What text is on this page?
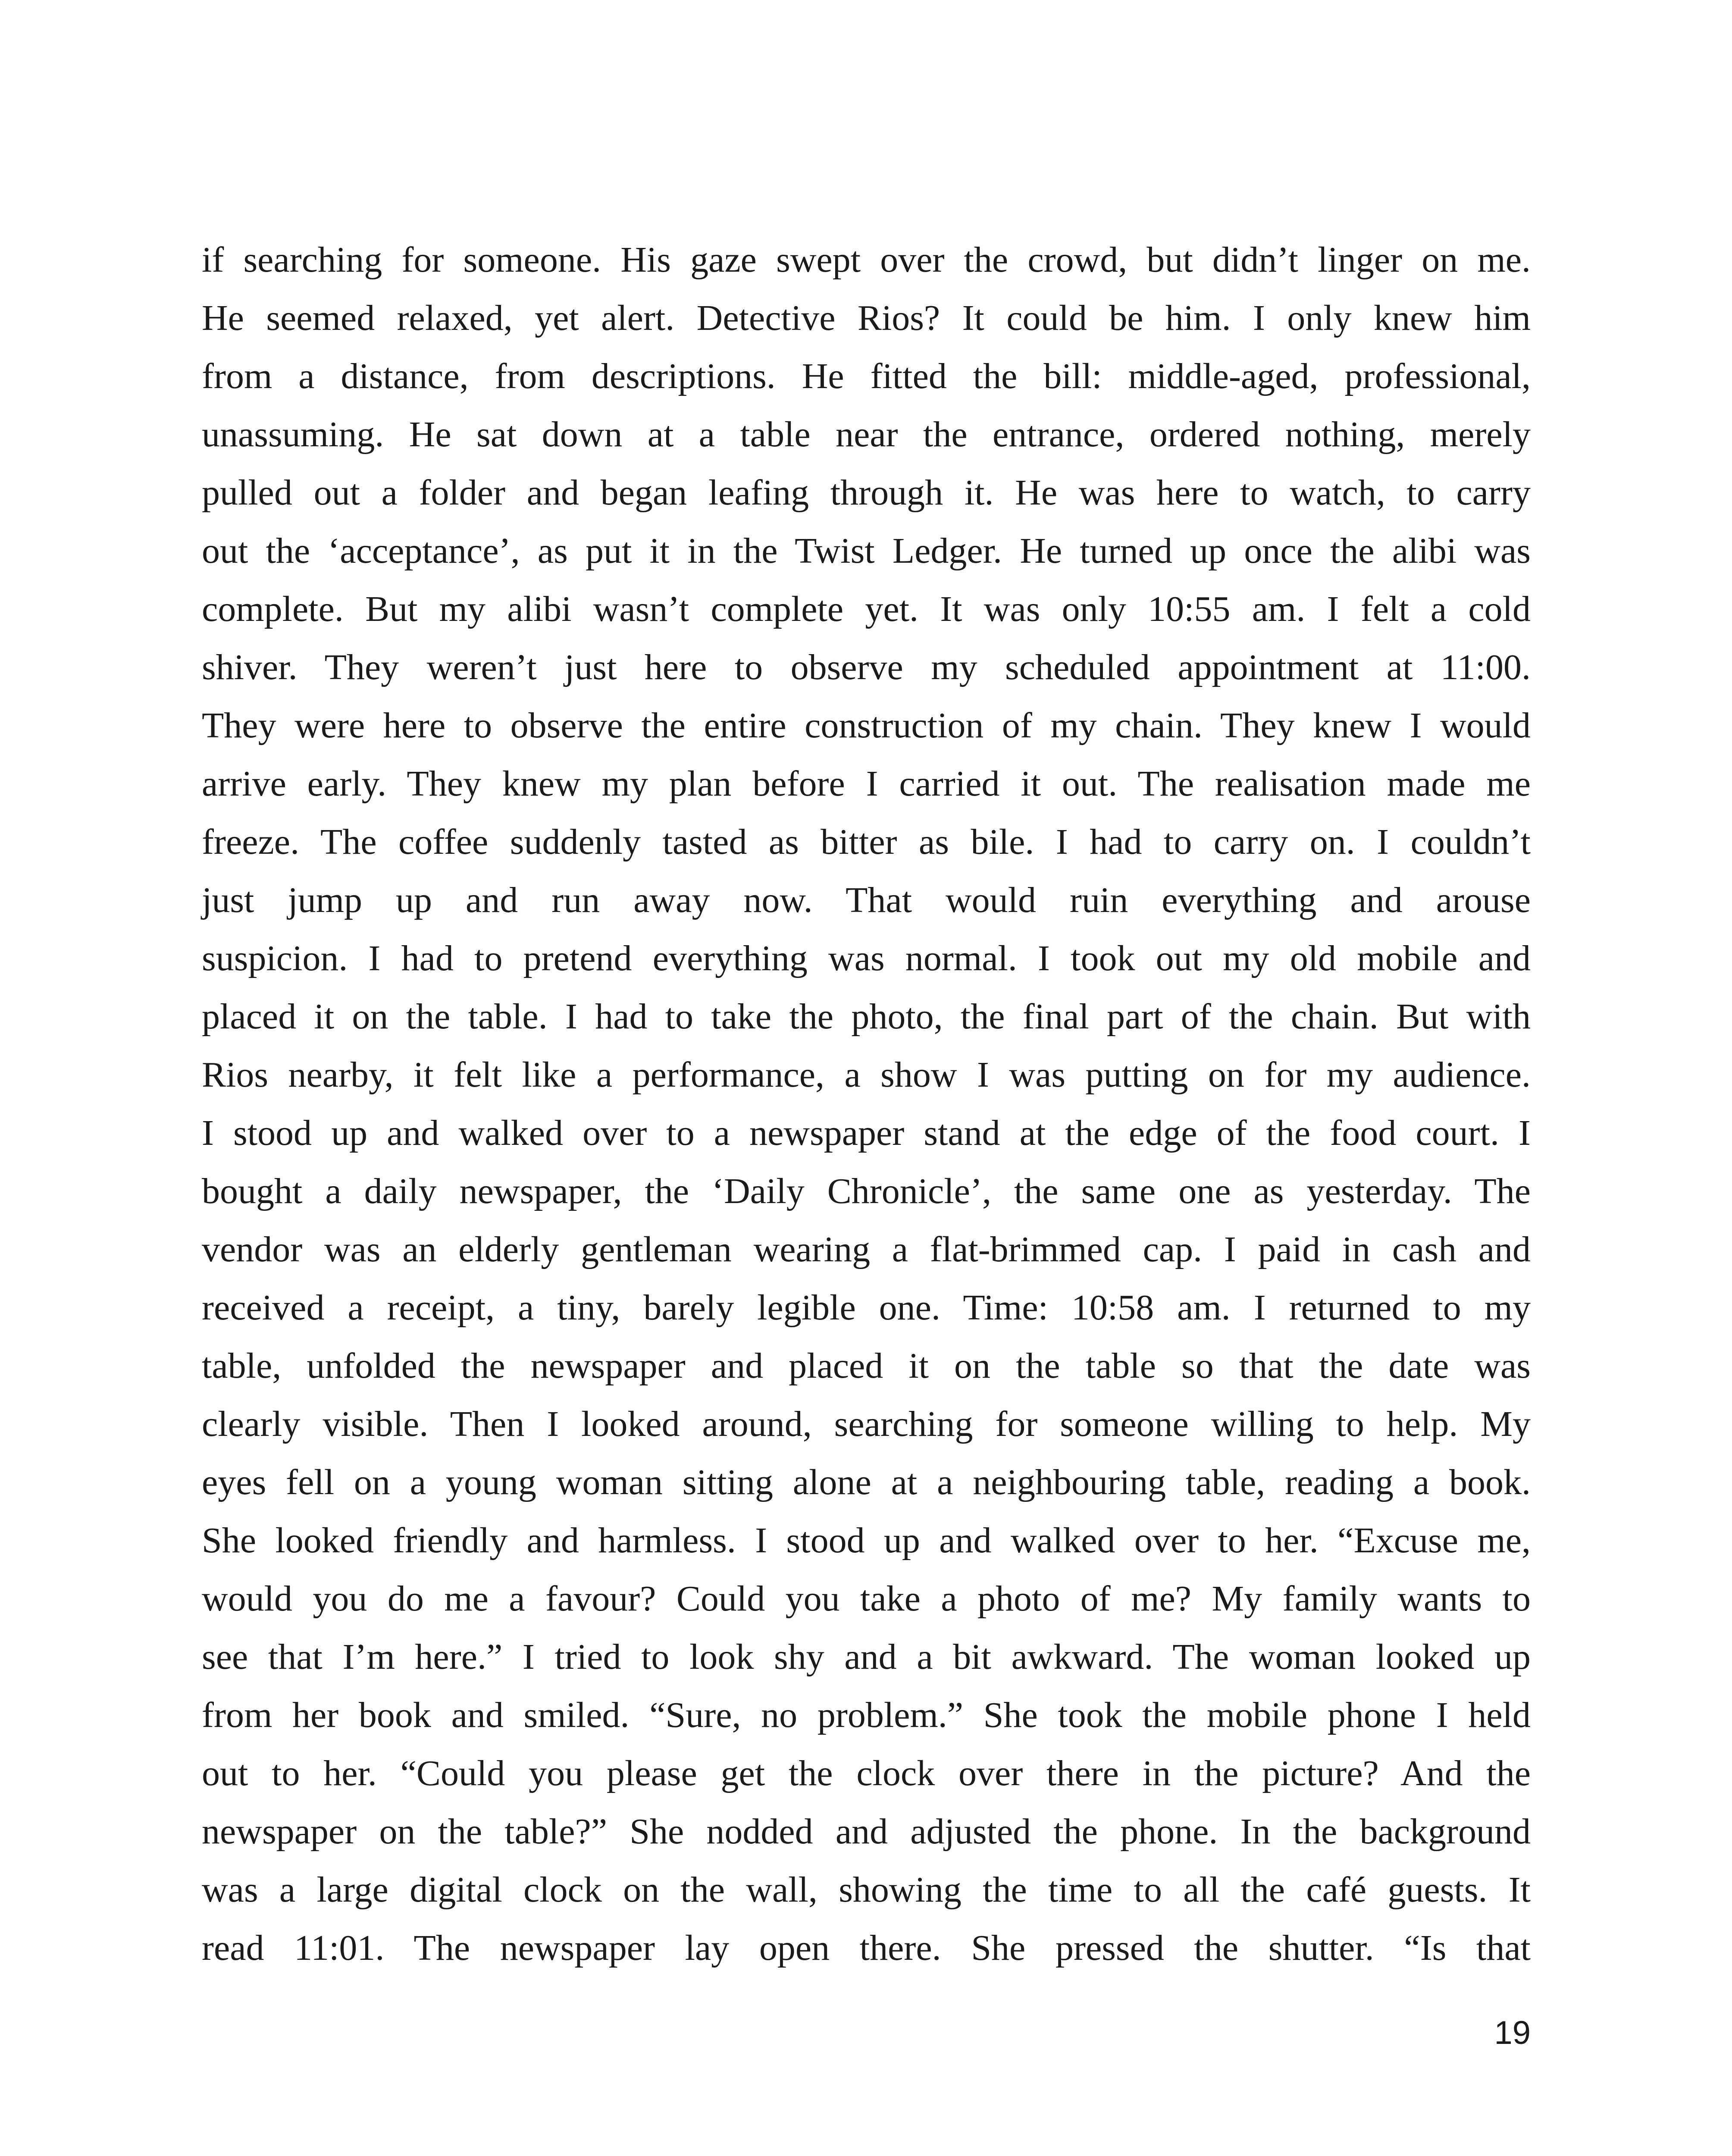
if searching for someone. His gaze swept over the crowd, but didn’t linger on me.
He seemed relaxed, yet alert. Detective Rios? It could be him. I only knew him
from a distance, from descriptions. He fitted the bill: middle-aged, professional,
unassuming. He sat down at a table near the entrance, ordered nothing, merely
pulled out a folder and began leafing through it. He was here to watch, to carry
out the ‘acceptance’, as put it in the Twist Ledger. He turned up once the alibi was
complete. But my alibi wasn’t complete yet. It was only 10:55 am. I felt a cold
shiver. They weren’t just here to observe my scheduled appointment at 11:00.
They were here to observe the entire construction of my chain. They knew I would
arrive early. They knew my plan before I carried it out. The realisation made me
freeze. The coffee suddenly tasted as bitter as bile. I had to carry on. I couldn’t
just jump up and run away now. That would ruin everything and arouse
suspicion. I had to pretend everything was normal. I took out my old mobile and
placed it on the table. I had to take the photo, the final part of the chain. But with
Rios nearby, it felt like a performance, a show I was putting on for my audience.
I stood up and walked over to a newspaper stand at the edge of the food court. I
bought a daily newspaper, the ‘Daily Chronicle’, the same one as yesterday. The
vendor was an elderly gentleman wearing a flat-brimmed cap. I paid in cash and
received a receipt, a tiny, barely legible one. Time: 10:58 am. I returned to my
table, unfolded the newspaper and placed it on the table so that the date was
clearly visible. Then I looked around, searching for someone willing to help. My
eyes fell on a young woman sitting alone at a neighbouring table, reading a book.
She looked friendly and harmless. I stood up and walked over to her. “Excuse me,
would you do me a favour? Could you take a photo of me? My family wants to
see that I’m here.” I tried to look shy and a bit awkward. The woman looked up
from her book and smiled. “Sure, no problem.” She took the mobile phone I held
out to her. “Could you please get the clock over there in the picture? And the
newspaper on the table?” She nodded and adjusted the phone. In the background
was a large digital clock on the wall, showing the time to all the café guests. It
read 11:01. The newspaper lay open there. She pressed the shutter. “Is that
19
